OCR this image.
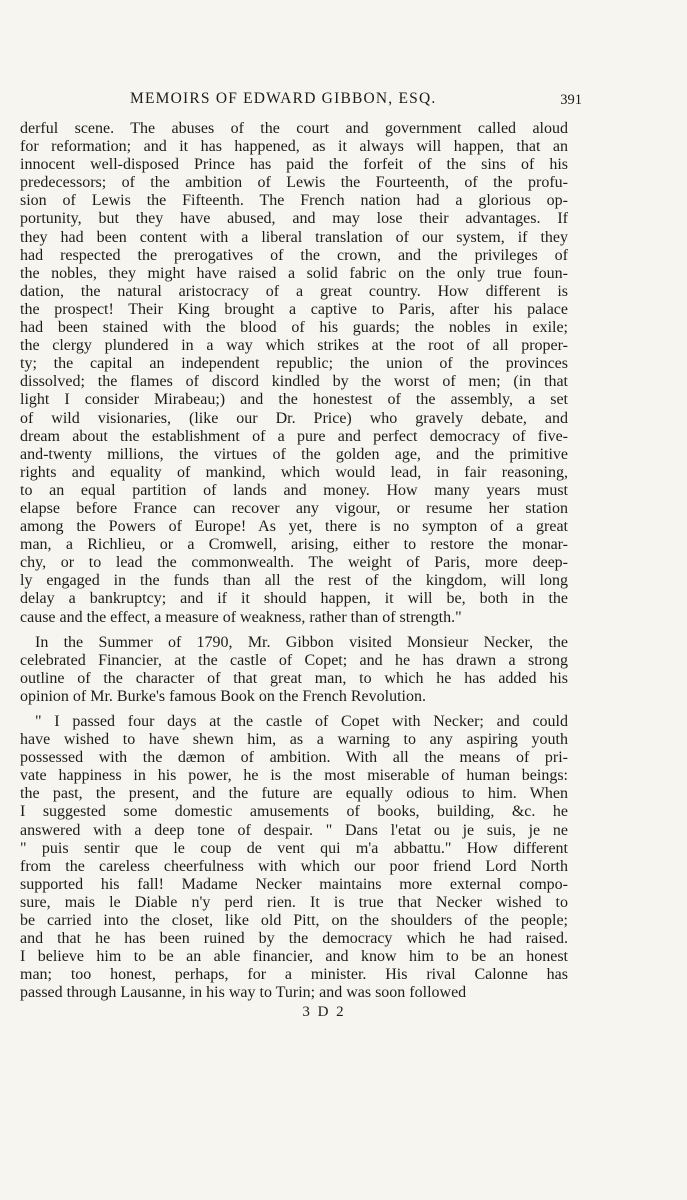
MEMOIRS OF EDWARD GIBBON, ESQ.	391
derful scene. The abuses of the court and government called aloud
for reformation; and it has happened, as it always will happen, that an
innocent well-disposed Prince has paid the forfeit of the sins of his
predecessors; of the ambition of Lewis the Fourteenth, of the profu-
sion of Lewis the Fifteenth. The French nation had a glorious op-
portunity, but they have abused, and may lose their advantages. If
they had been content with a liberal translation of our system, if they
had respected the prerogatives of the crown, and the privileges of
the nobles, they might have raised a solid fabric on the only true foun-
dation, the natural aristocracy of a great country. How different is
the prospect! Their King brought a captive to Paris, after his palace
had been stained with the blood of his guards; the nobles in exile;
the clergy plundered in a way which strikes at the root of all proper-
ty; the capital an independent republic; the union of the provinces
dissolved; the flames of discord kindled by the worst of men; (in that
light I consider Mirabeau;) and the honestest of the assembly, a set
of wild visionaries, (like our Dr. Price) who gravely debate, and
dream about the establishment of a pure and perfect democracy of five-
and-twenty millions, the virtues of the golden age, and the primitive
rights and equality of mankind, which would lead, in fair reasoning,
to an equal partition of lands and money. How many years must
elapse before France can recover any vigour, or resume her station
among the Powers of Europe! As yet, there is no sympton of a great
man, a Richlieu, or a Cromwell, arising, either to restore the monar-
chy, or to lead the commonwealth. The weight of Paris, more deep-
ly engaged in the funds than all the rest of the kingdom, will long
delay a bankruptcy; and if it should happen, it will be, both in the
cause and the effect, a measure of weakness, rather than of strength."
In the Summer of 1790, Mr. Gibbon visited Monsieur Necker, the
celebrated Financier, at the castle of Copet; and he has drawn a strong
outline of the character of that great man, to which he has added his
opinion of Mr. Burke's famous Book on the French Revolution.
" I passed four days at the castle of Copet with Necker; and could
have wished to have shewn him, as a warning to any aspiring youth
possessed with the dæmon of ambition. With all the means of pri-
vate happiness in his power, he is the most miserable of human beings:
the past, the present, and the future are equally odious to him. When
I suggested some domestic amusements of books, building, &c. he
answered with a deep tone of despair. " Dans l'etat ou je suis, je ne
" puis sentir que le coup de vent qui m'a abbattu." How different
from the careless cheerfulness with which our poor friend Lord North
supported his fall! Madame Necker maintains more external compo-
sure, mais le Diable n'y perd rien. It is true that Necker wished to
be carried into the closet, like old Pitt, on the shoulders of the people;
and that he has been ruined by the democracy which he had raised.
I believe him to be an able financier, and know him to be an honest
man; too honest, perhaps, for a minister. His rival Calonne has
passed through Lausanne, in his way to Turin; and was soon followed
3 D 2
